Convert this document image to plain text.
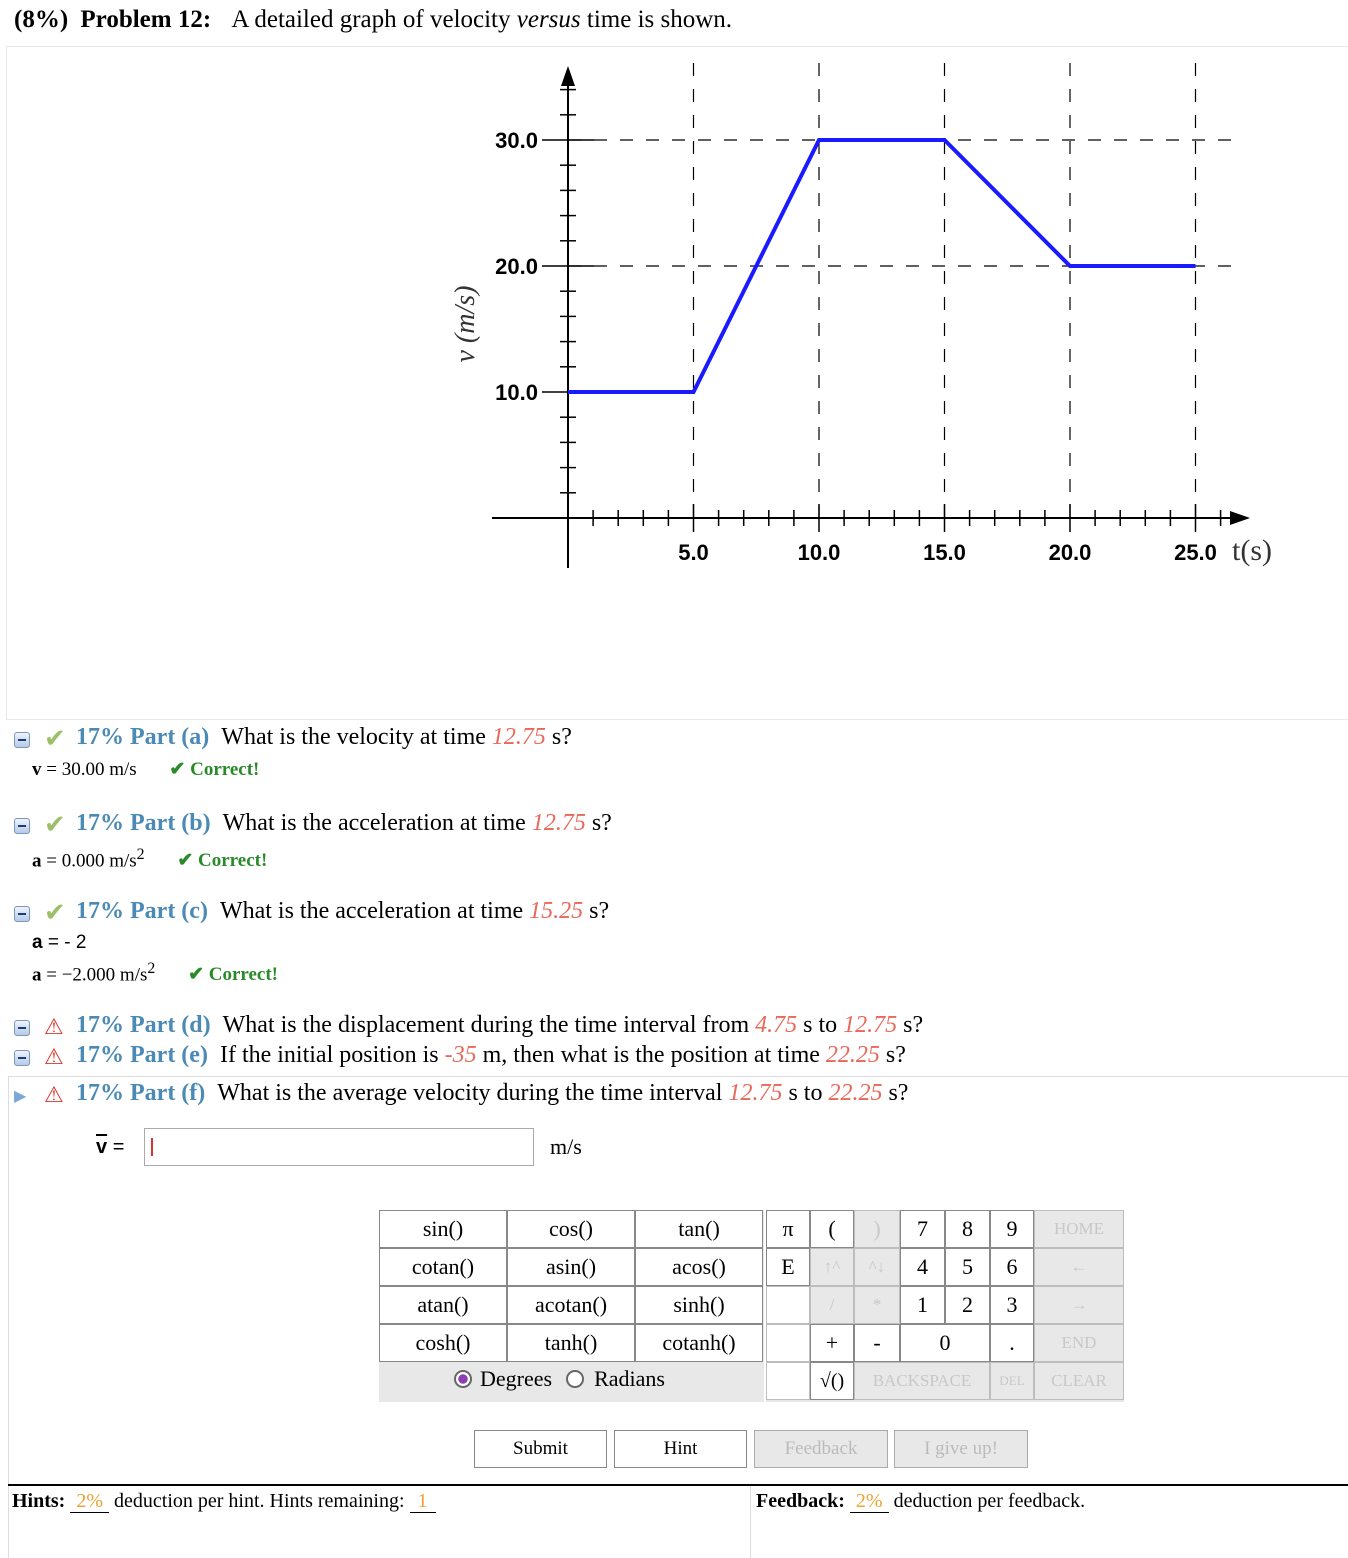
(8%) Problem 12: A detailed graph of velocity versus time is shown.
10.0
20.0
30.0
5.0	10.0	15.0	20.0	25.0
v (m/s)
t(s)
✔ 17% Part (a) What is the velocity at time 12.75 s?
v = 30.00 m/s ✔ Correct!
✔ 17% Part (b) What is the acceleration at time 12.75 s?
a = 0.000 $m/s^2$ ✔ Correct!
✔ 17% Part (c) What is the acceleration at time 15.25 s?
a = - 2
a = −2.000 $m/s^2$ ✔ Correct!
⚠ 17% Part (d) What is the displacement during the time interval from 4.75 s to 12.75 s?
⚠ 17% Part (e) If the initial position is -35 m, then what is the position at time 22.25 s?
▶ ⚠ 17% Part (f) What is the average velocity during the time interval 12.75 s to 22.25 s?
$\overline{v}$ =	m/s
sin()	cos()	tan()
cotan()	asin()	acos()
atan()	acotan()	sinh()
cosh()	tanh()	cotanh()
Degrees Radians
π	(	)
E	↑^	^↓
/	*
+	-
√()	BACKSPACE	DEL	CLEAR
7	8	9
4	5	6
1	2	3
0	.
HOME
←
→
END
Submit	Hint	Feedback	I give up!
Hints: 2% deduction per hint. Hints remaining: 1	Feedback: 2% deduction per feedback.
